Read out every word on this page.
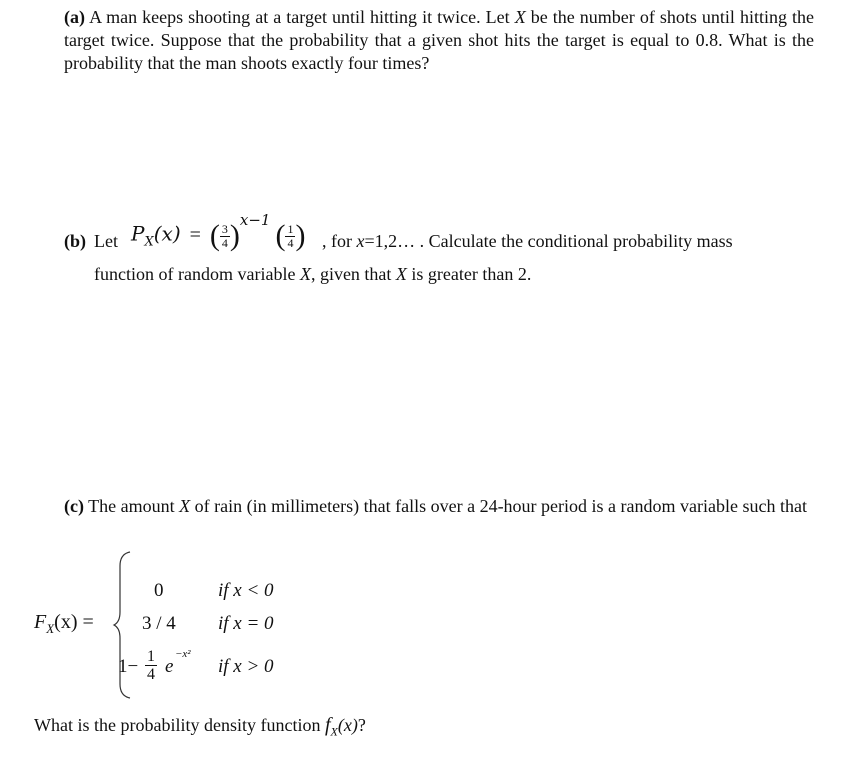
(a) A man keeps shooting at a target until hitting it twice. Let X be the number of shots until hitting the target twice. Suppose that the probability that a given shot hits the target is equal to 0.8. What is the probability that the man shoots exactly four times?
(b) Let $P_X(x)$ = ( $\frac{3}{4} )^{x-1}$ ( $\frac{1}{4}$ ) , for x=1,2… . Calculate the conditional probability mass
function of random variable X, given that X is greater than 2.
(c) The amount X of rain (in millimeters) that falls over a 24-hour period is a random variable such that
$F_X(x)$ =
0	if x < 0
3 / 4 if x = 0
$1- \frac{1}{4}$ e
−x²
if x > 0
What is the probability density function $f_X(x)$?
